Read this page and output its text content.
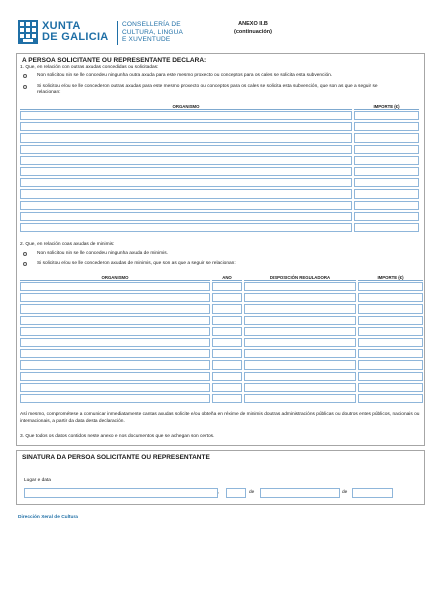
XUNTA
DE GALICIA
CONSELLERÍA DE
CULTURA, LINGUA
E XUVENTUDE
ANEXO II.B
(continuación)
A PERSOA SOLICITANTE OU REPRESENTANTE DECLARA:
1. Que, en relación con outras axudas concedidas ou solicitadas:
Non solicitou nin se lle concedeu ningunha outra axuda para este mesmo proxecto ou conceptos para os cales se solicita esta subvención.
Si solicitou e/ou se lle concederon outras axudas para este mesmo proxecto ou conceptos para os cales se solicita esta subvención, que son as que a seguir se relacionan:
ORGANISMO	IMPORTE (€)
2. Que, en relación coas axudas de minimis:
Non solicitou nin se lle concedeu ningunha axuda de minimis.
Si solicitou e/ou se lle concederon axudas de minimis, que son as que a seguir se relacionan:
ORGANISMO	ANO	DISPOSICIÓN REGULADORA	IMPORTE (€)
Así mesmo, comprométese a comunicar inmediatamente cantas axudas solicite e/ou obteña en réxime de minimis doutras administracións públicas ou doutros entes públicos, nacionais ou internacionais, a partir da data desta declaración.
3. Que todos os datos contidos neste anexo e nos documentos que se achegan son certos.
SINATURA DA PERSOA SOLICITANTE OU REPRESENTANTE
Lugar e data
,	de	de
Dirección Xeral de Cultura
